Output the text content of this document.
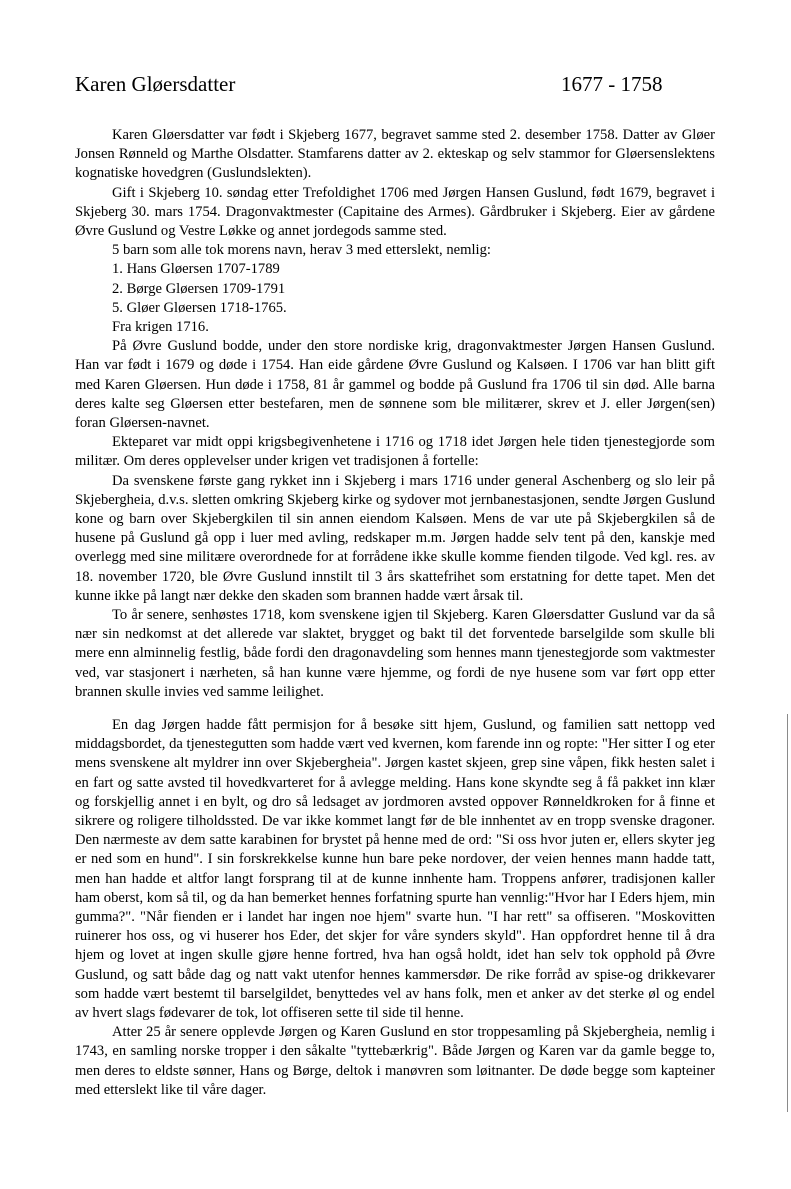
Karen Gløersdatter	1677 - 1758

Karen Gløersdatter var født i Skjeberg 1677, begravet samme sted 2. desember 1758. Datter av Gløer Jonsen Rønneld og Marthe Olsdatter. Stamfarens datter av 2. ekteskap og selv stammor for Gløersenslektens kognatiske hovedgren (Guslundslekten).

Gift i Skjeberg 10. søndag etter Trefoldighet 1706 med Jørgen Hansen Guslund, født 1679, begravet i Skjeberg 30. mars 1754. Dragonvaktmester (Capitaine des Armes). Gårdbruker i Skjeberg. Eier av gårdene Øvre Guslund og Vestre Løkke og annet jordegods samme sted.

5 barn som alle tok morens navn, herav 3 med etterslekt, nemlig:

1. Hans Gløersen 1707-1789

2. Børge Gløersen 1709-1791

5. Gløer Gløersen 1718-1765.

Fra krigen 1716.

På Øvre Guslund bodde, under den store nordiske krig, dragonvaktmester Jørgen Hansen Guslund. Han var født i 1679 og døde i 1754. Han eide gårdene Øvre Guslund og Kalsøen. I 1706 var han blitt gift med Karen Gløersen. Hun døde i 1758, 81 år gammel og bodde på Guslund fra 1706 til sin død. Alle barna deres kalte seg Gløersen etter bestefaren, men de sønnene som ble militærer, skrev et J. eller Jørgen(sen) foran Gløersen-navnet.

Ekteparet var midt oppi krigsbegivenhetene i 1716 og 1718 idet Jørgen hele tiden tjenestegjorde som militær. Om deres opplevelser under krigen vet tradisjonen å fortelle:

Da svenskene første gang rykket inn i Skjeberg i mars 1716 under general Aschenberg og slo leir på Skjebergheia, d.v.s. sletten omkring Skjeberg kirke og sydover mot jernbanestasjonen, sendte Jørgen Guslund kone og barn over Skjebergkilen til sin annen eiendom Kalsøen. Mens de var ute på Skjebergkilen så de husene på Guslund gå opp i luer med avling, redskaper m.m. Jørgen hadde selv tent på den, kanskje med overlegg med sine militære overordnede for at forrådene ikke skulle komme fienden tilgode. Ved kgl. res. av 18. november 1720, ble Øvre Guslund innstilt til 3 års skattefrihet som erstatning for dette tapet. Men det kunne ikke på langt nær dekke den skaden som brannen hadde vært årsak til.

To år senere, senhøstes 1718, kom svenskene igjen til Skjeberg. Karen Gløersdatter Guslund var da så nær sin nedkomst at det allerede var slaktet, brygget og bakt til det forventede barselgilde som skulle bli mere enn alminnelig festlig, både fordi den dragonavdeling som hennes mann tjenestegjorde som vaktmester ved, var stasjonert i nærheten, så han kunne være hjemme, og fordi de nye husene som var ført opp etter brannen skulle invies ved samme leilighet.

En dag Jørgen hadde fått permisjon for å besøke sitt hjem, Guslund, og familien satt nettopp ved middagsbordet, da tjenestegutten som hadde vært ved kvernen, kom farende inn og ropte: "Her sitter I og eter mens svenskene alt myldrer inn over Skjebergheia". Jørgen kastet skjeen, grep sine våpen, fikk hesten salet i en fart og satte avsted til hovedkvarteret for å avlegge melding. Hans kone skyndte seg å få pakket inn klær og forskjellig annet i en bylt, og dro så ledsaget av jordmoren avsted oppover Rønneldkroken for å finne et sikrere og roligere tilholdssted. De var ikke kommet langt før de ble innhentet av en tropp svenske dragoner. Den nærmeste av dem satte karabinen for brystet på henne med de ord: "Si oss hvor juten er, ellers skyter jeg er ned som en hund". I sin forskrekkelse kunne hun bare peke nordover, der veien hennes mann hadde tatt, men han hadde et altfor langt forsprang til at de kunne innhente ham. Troppens anfører, tradisjonen kaller ham oberst, kom så til, og da han bemerket hennes forfatning spurte han vennlig:"Hvor har I Eders hjem, min gumma?". "Når fienden er i landet har ingen noe hjem" svarte hun. "I har rett" sa offiseren. "Moskovitten ruinerer hos oss, og vi huserer hos Eder, det skjer for våre synders skyld". Han oppfordret henne til å dra hjem og lovet at ingen skulle gjøre henne fortred, hva han også holdt, idet han selv tok opphold på Øvre Guslund, og satt både dag og natt vakt utenfor hennes kammersdør. De rike forråd av spise-og drikkevarer som hadde vært bestemt til barselgildet, benyttedes vel av hans folk, men et anker av det sterke øl og endel av hvert slags fødevarer de tok, lot offiseren sette til side til henne.

Atter 25 år senere opplevde Jørgen og Karen Guslund en stor troppesamling på Skjebergheia, nemlig i 1743, en samling norske tropper i den såkalte "tyttebærkrig". Både Jørgen og Karen var da gamle begge to, men deres to eldste sønner, Hans og Børge, deltok i manøvren som løitnanter. De døde begge som kapteiner med etterslekt like til våre dager.
